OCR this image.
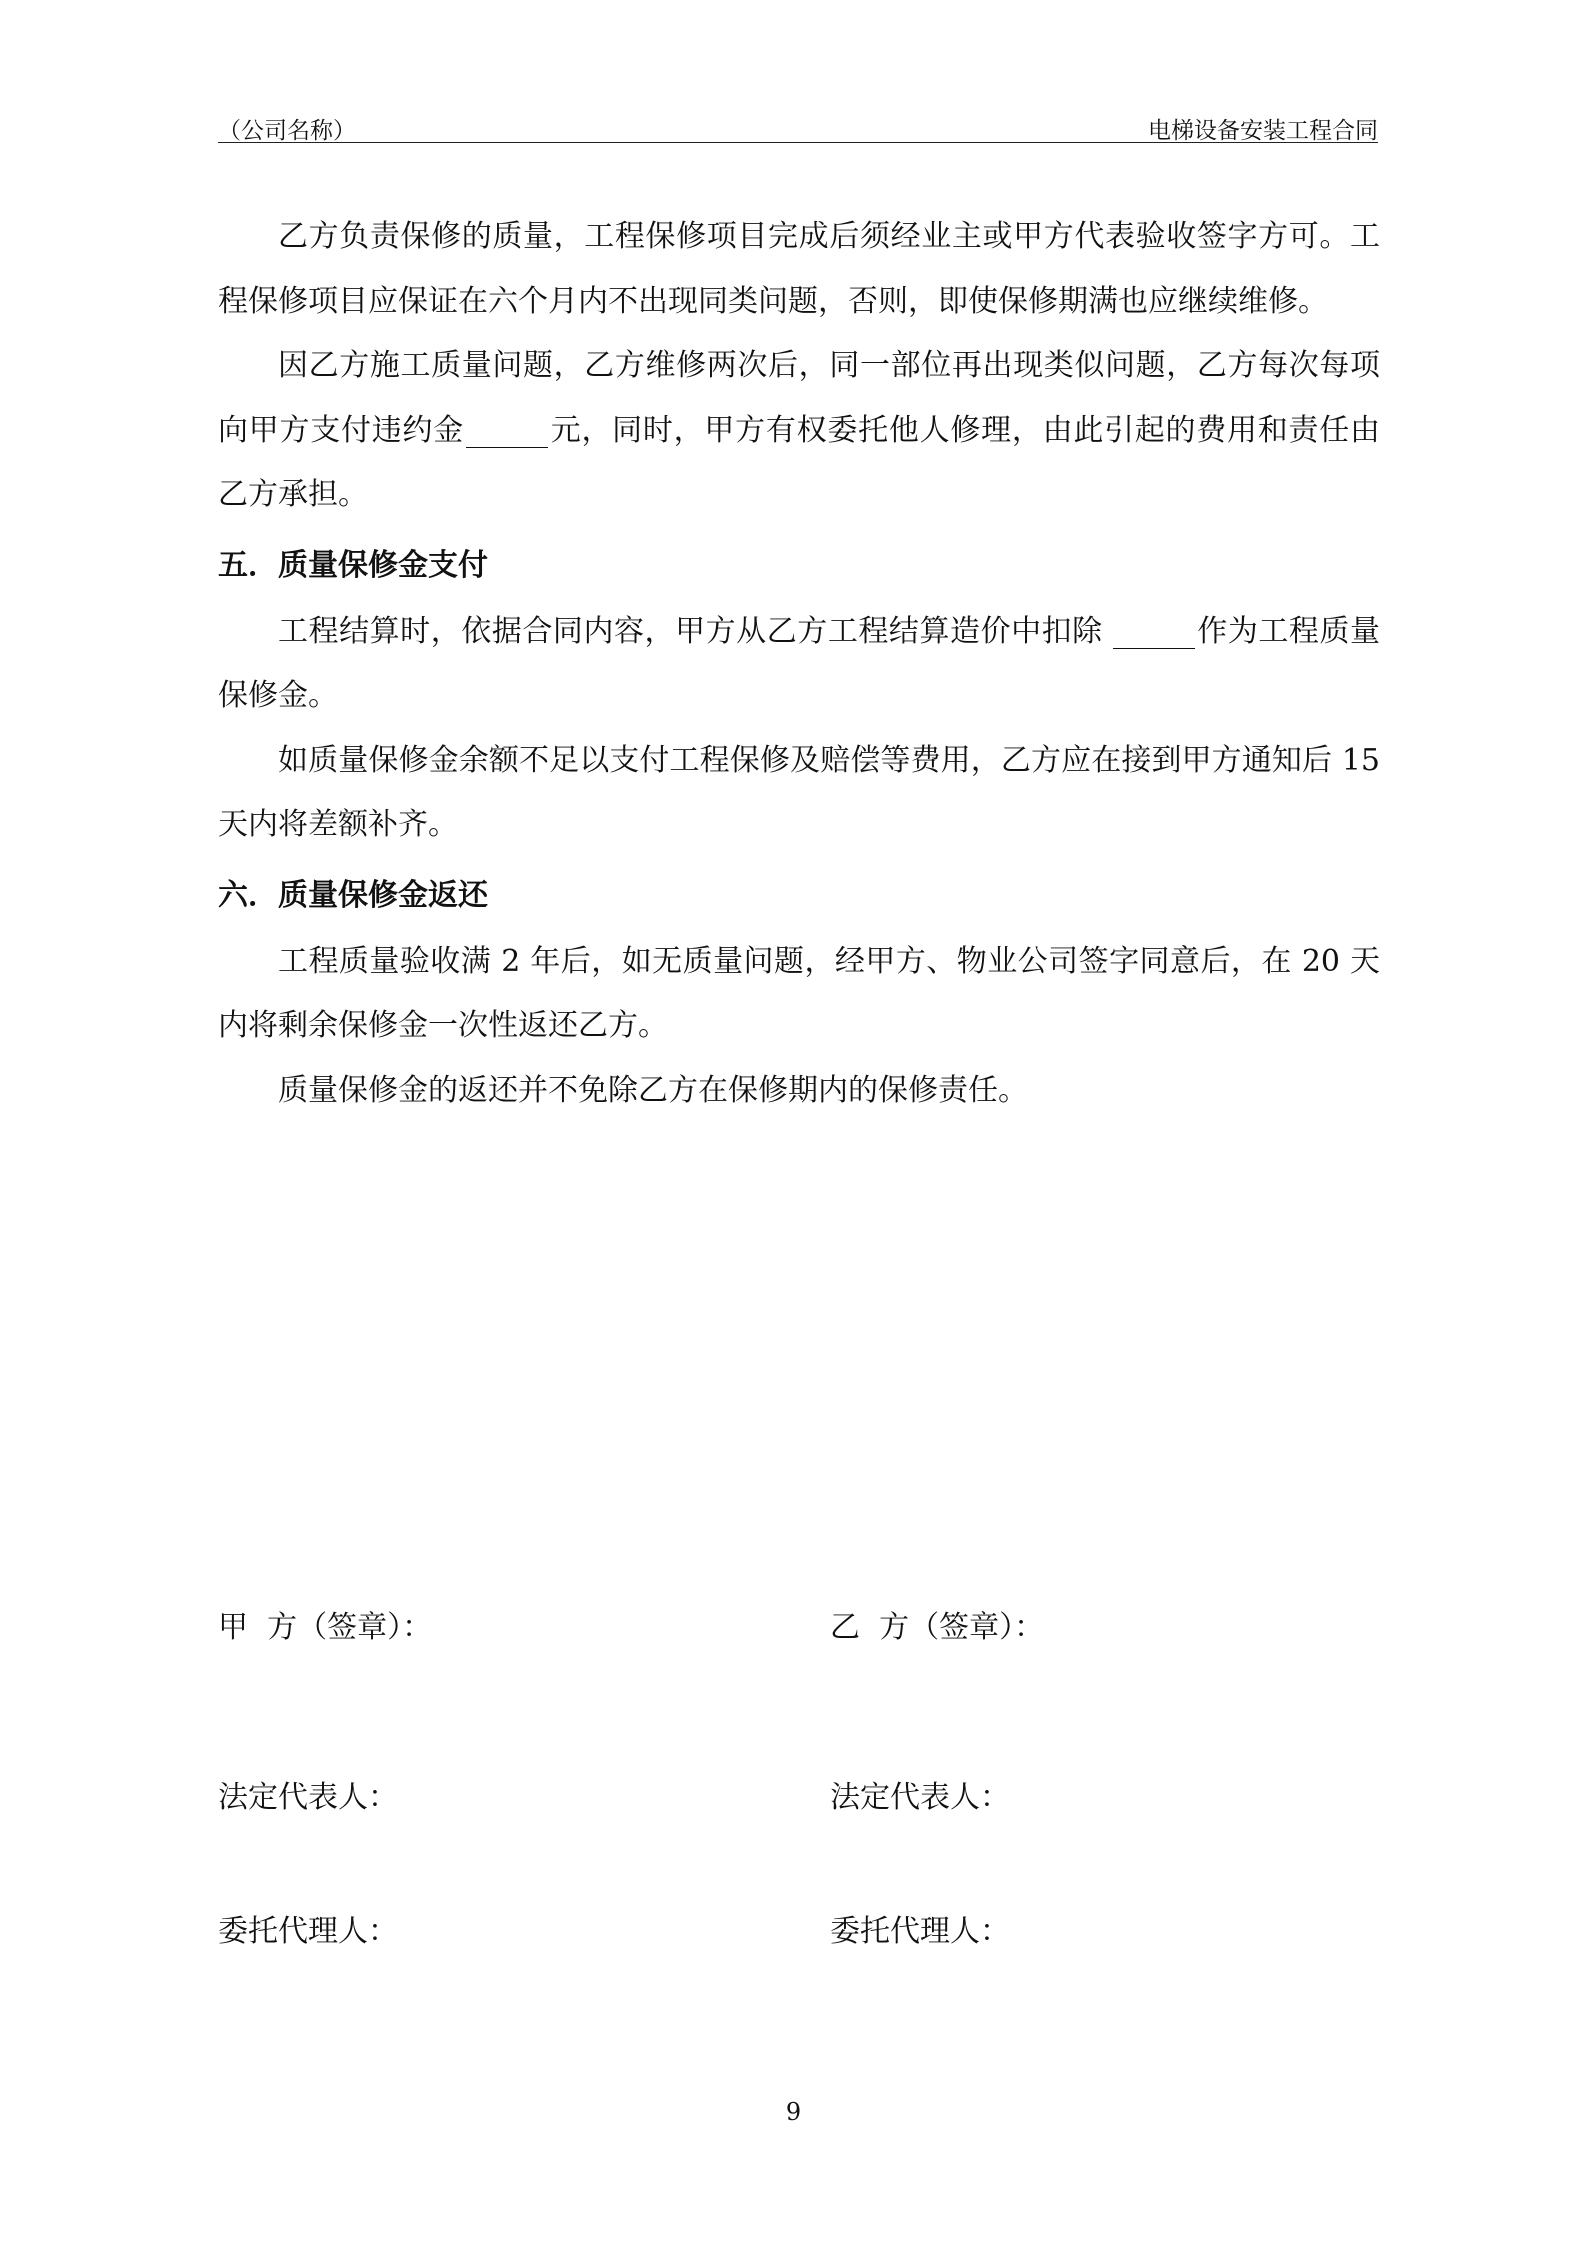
（公司名称）	电梯设备安装工程合同

乙方负责保修的质量，工程保修项目完成后须经业主或甲方代表验收签字方可。工程保修项目应保证在六个月内不出现同类问题，否则，即使保修期满也应继续维修。

因乙方施工质量问题，乙方维修两次后，同一部位再出现类似问题，乙方每次每项向甲方支付违约金	元，同时，甲方有权委托他人修理，由此引起的费用和责任由乙方承担。

五．质量保修金支付

工程结算时，依据合同内容，甲方从乙方工程结算造价中扣除	作为工程质量保修金。

如质量保修金余额不足以支付工程保修及赔偿等费用，乙方应在接到甲方通知后 15 天内将差额补齐。

六．质量保修金返还

工程质量验收满 2 年后，如无质量问题，经甲方、物业公司签字同意后，在 20 天内将剩余保修金一次性返还乙方。

质量保修金的返还并不免除乙方在保修期内的保修责任。

甲  方（签章）：	乙  方（签章）：
法定代表人：	法定代表人：
委托代理人：	委托代理人：
9
